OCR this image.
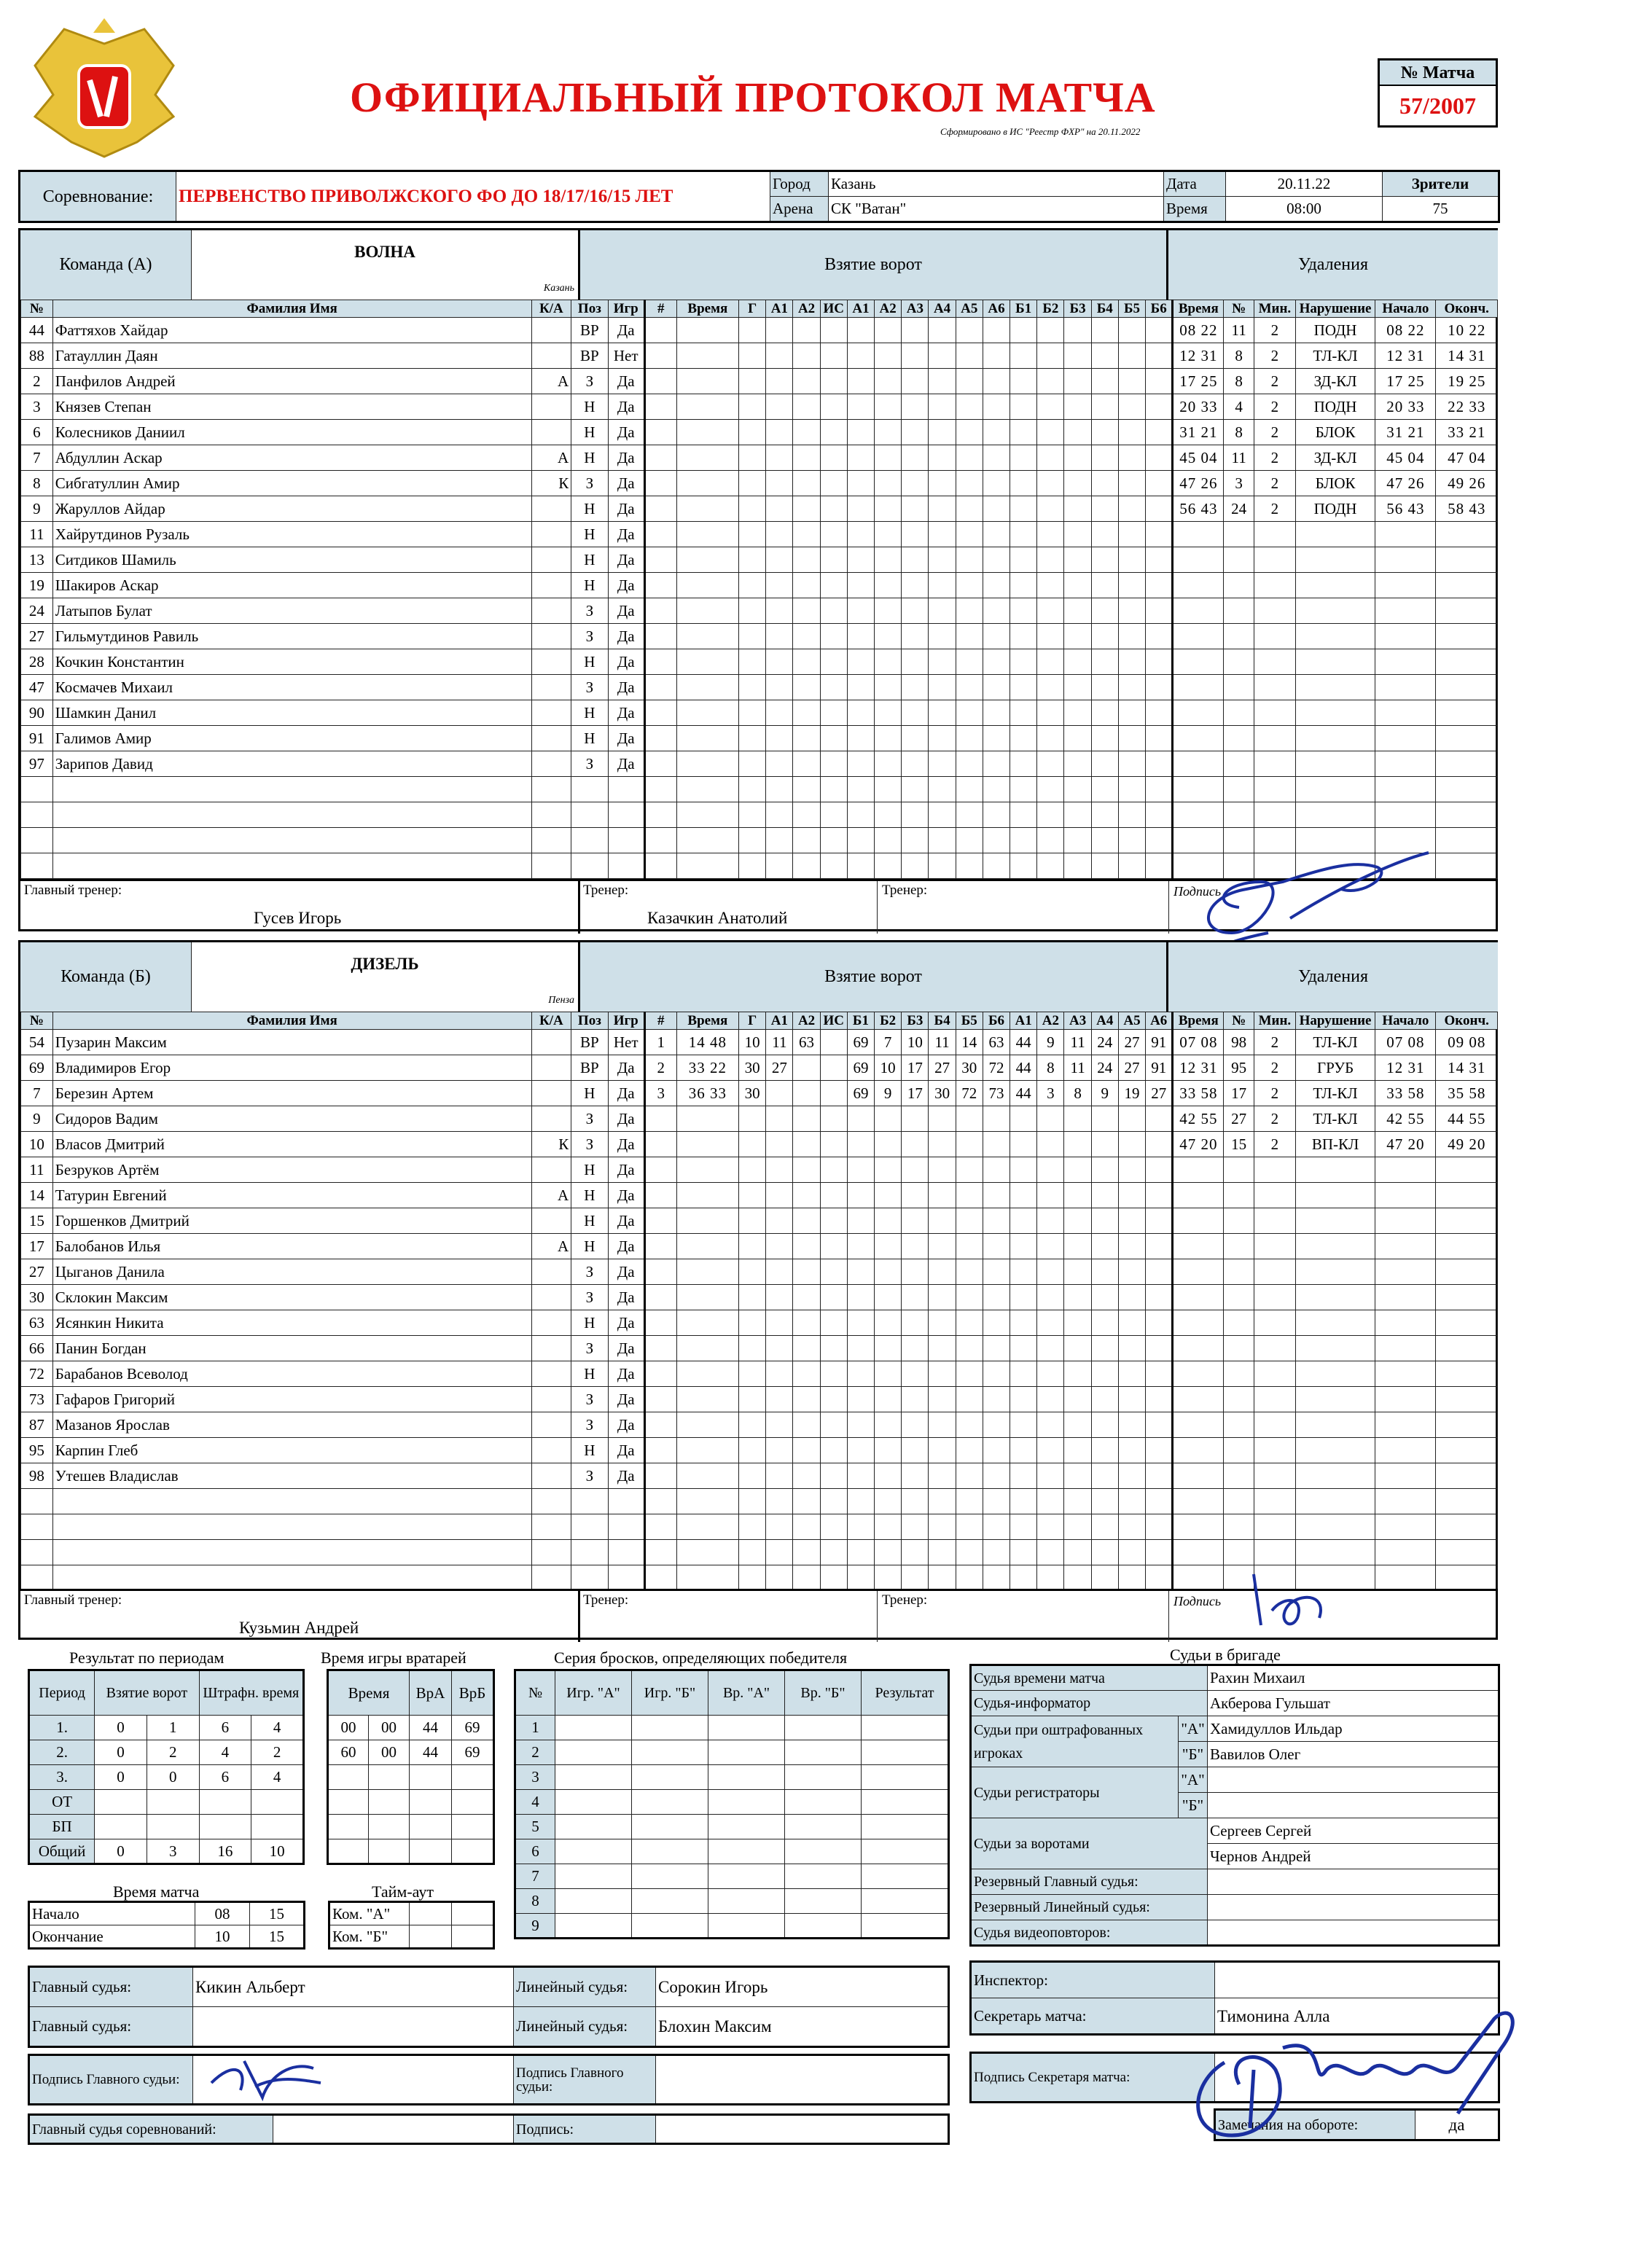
ОФИЦИАЛЬНЫЙ ПРОТОКОЛ МАТЧА
Сформировано в ИС "Реестр ФХР" на 20.11.2022
№ Матча
57/2007
Соревнование:	ПЕРВЕНСТВО ПРИВОЛЖСКОГО ФО ДО 18/17/16/15 ЛЕТ	Город	Казань	Дата	20.11.22	Зрители
		Арена	СК "Ватан"	Время	08:00	75
Команда (А)
ВОЛНА
Казань
Взятие ворот	Удаления
№	Фамилия Имя	К/А	Поз	Игр	#	Время	Г	А1	А2	ИС	А1	А2	А3	А4	А5	А6	Б1	Б2	Б3	Б4	Б5	Б6	Время	№	Мин.	Нарушение	Начало	Оконч.
44	Фаттяхов Хайдар		ВР	Да																			08 22	11	2	ПОДН	08 22	10 22
88	Гатауллин Даян		ВР	Нет																			12 31	8	2	ТЛ-КЛ	12 31	14 31
2	Панфилов Андрей	А	З	Да																			17 25	8	2	ЗД-КЛ	17 25	19 25
3	Князев Степан		Н	Да																			20 33	4	2	ПОДН	20 33	22 33
6	Колесников Даниил		Н	Да																			31 21	8	2	БЛОК	31 21	33 21
7	Абдуллин Аскар	А	Н	Да																			45 04	11	2	ЗД-КЛ	45 04	47 04
8	Сибгатуллин Амир	К	З	Да																			47 26	3	2	БЛОК	47 26	49 26
9	Жаруллов Айдар		Н	Да																			56 43	24	2	ПОДН	56 43	58 43
11	Хайрутдинов Рузаль		Н	Да																								
13	Ситдиков Шамиль		Н	Да																								
19	Шакиров Аскар		Н	Да																								
24	Латыпов Булат		З	Да																								
27	Гильмутдинов Равиль		З	Да																								
28	Кочкин Константин		Н	Да																								
47	Космачев Михаил		З	Да																								
90	Шамкин Данил		Н	Да																								
91	Галимов Амир		Н	Да																								
97	Зарипов Давид		З	Да																								

Главный тренер:
Гусев Игорь
Тренер:
Казачкин Анатолий
Тренер:	Подпись
Команда (Б)
ДИЗЕЛЬ
Пенза
Взятие ворот	Удаления
№	Фамилия Имя	К/А	Поз	Игр	#	Время	Г	А1	А2	ИС	Б1	Б2	Б3	Б4	Б5	Б6	А1	А2	А3	А4	А5	А6	Время	№	Мин.	Нарушение	Начало	Оконч.
54	Пузарин Максим		ВР	Нет	1	14 48	10	11	63		69	7	10	11	14	63	44	9	11	24	27	91	07 08	98	2	ТЛ-КЛ	07 08	09 08
69	Владимиров Егор		ВР	Да	2	33 22	30	27			69	10	17	27	30	72	44	8	11	24	27	91	12 31	95	2	ГРУБ	12 31	14 31
7	Березин Артем		Н	Да	3	36 33	30				69	9	17	30	72	73	44	3	8	9	19	27	33 58	17	2	ТЛ-КЛ	33 58	35 58
9	Сидоров Вадим		З	Да																			42 55	27	2	ТЛ-КЛ	42 55	44 55
10	Власов Дмитрий	К	З	Да																			47 20	15	2	ВП-КЛ	47 20	49 20
11	Безруков Артём		Н	Да																								
14	Татурин Евгений	А	Н	Да																								
15	Горшенков Дмитрий		Н	Да																								
17	Балобанов Илья	А	Н	Да																								
27	Цыганов Данила		З	Да																								
30	Склокин Максим		З	Да																								
63	Ясянкин Никита		Н	Да																								
66	Панин Богдан		З	Да																								
72	Барабанов Всеволод		Н	Да																								
73	Гафаров Григорий		З	Да																								
87	Мазанов Ярослав		З	Да																								
95	Карпин Глеб		Н	Да																								
98	Утешев Владислав		З	Да																								

Главный тренер:
Кузьмин Андрей
Тренер:	Тренер:	Подпись
Результат по периодам
Период	Взятие ворот		Штрафн. время	
1.	0	1	6	4
2.	0	2	4	2
3.	0	0	6	4
ОТ				
БП				
Общий	0	3	16	10
Время игры вратарей
Время		ВрА	ВрБ
00	00	44	69
60	00	44	69

Время матча
Начало	08	15
Окончание	10	15
Тайм-аут
Ком. "А"		
Ком. "Б"		
Серия бросков, определяющих победителя
№	Игр. "А"	Игр. "Б"	Вр. "А"	Вр. "Б"	Результат
1					
2					
3					
4					
5					
6					
7					
8					
9					
Судьи в бригаде
Судья времени матча		Рахин Михаил
Судья-информатор		Акберова Гульшат
Судьи при оштрафованных игроках	"А"	Хамидуллов Ильдар
	"Б"	Вавилов Олег
Судьи регистраторы	"А"	
	"Б"	
Судьи за воротами		Сергеев Сергей
		Чернов Андрей
Резервный Главный судья:		
Резервный Линейный судья:		
Судья видеоповторов:		
Главный судья:	Кикин Альберт	Линейный судья:	Сорокин Игорь
Главный судья:		Линейный судья:	Блохин Максим
Подпись Главного судьи:		Подпись Главного судьи:	
Главный судья соревнований:		Подпись:	
Инспектор:	
Секретарь матча:	Тимонина Алла
Подпись Секретаря матча:	
Замечания на обороте:	да
